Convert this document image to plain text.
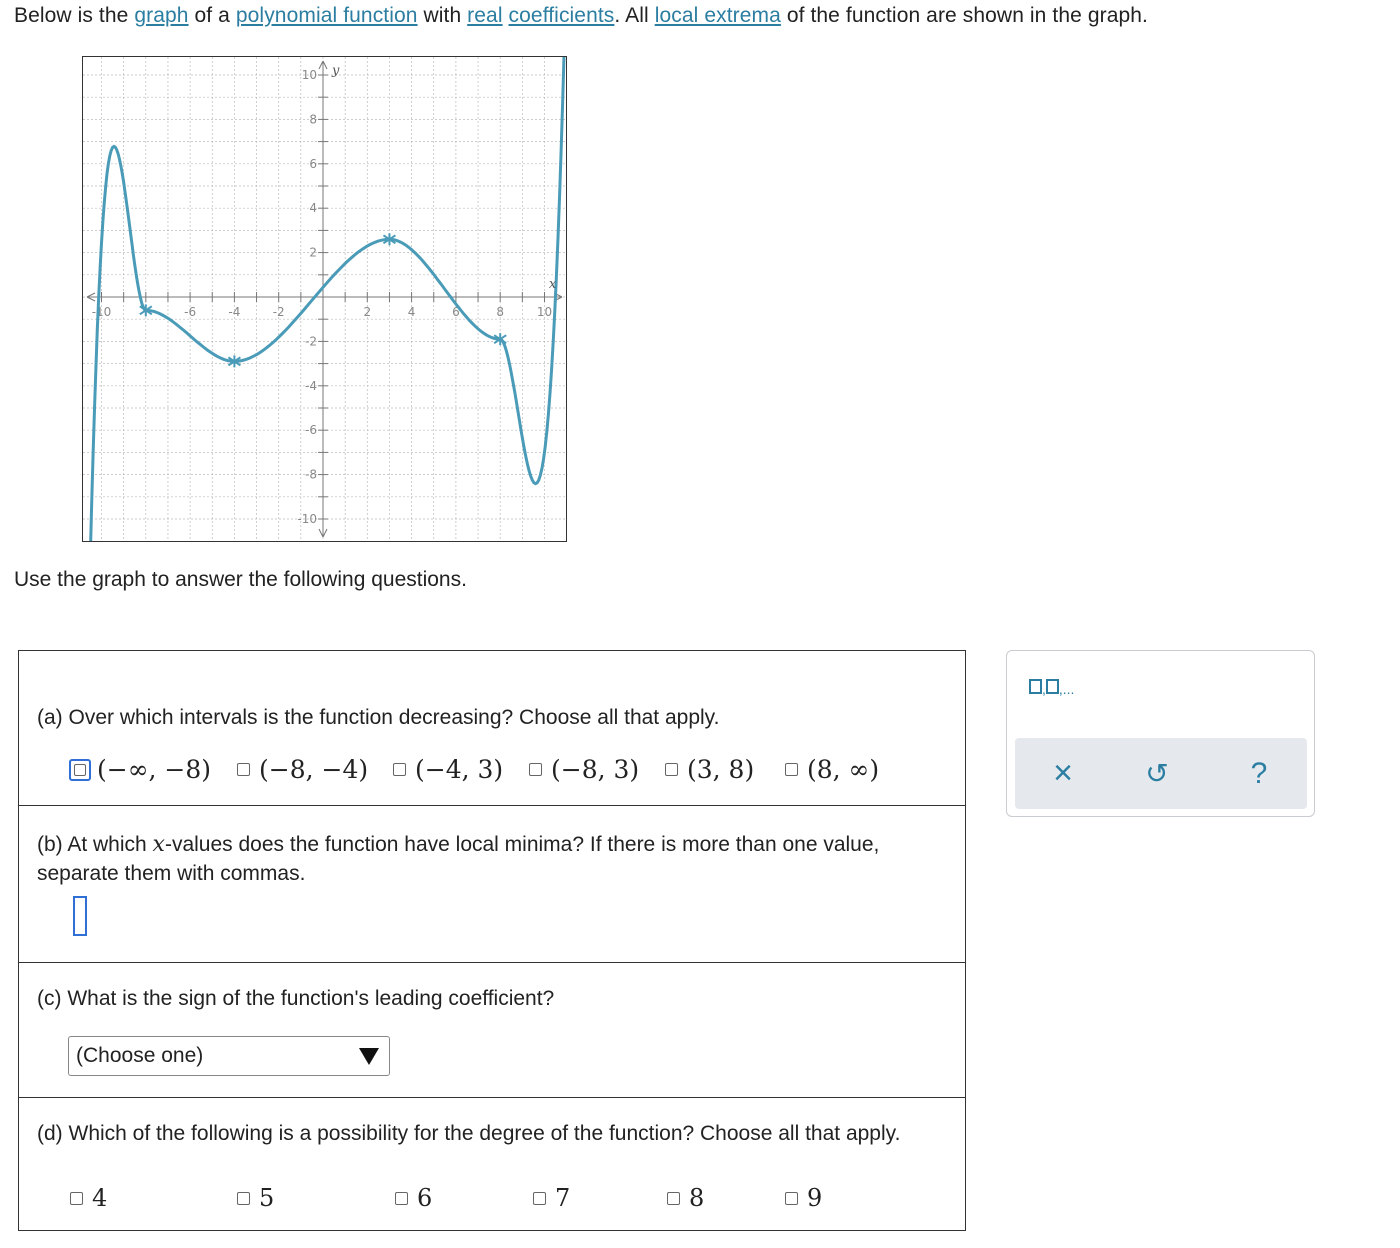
Below is the graph of a polynomial function with real coefficients. All local extrema of the function are shown in the graph.
-10	-6	-4	-2	2	4	6	8	10
10
8
6
4
2
-2
-4
-6
-8
-10
x
y
Use the graph to answer the following questions.
(a) Over which intervals is the function decreasing? Choose all that apply.
(−∞, −8) (−8, −4) (−4, 3) (−8, 3) (3, 8) (8, ∞)
(b) At which x-values does the function have local minima? If there is more than one value, separate them with commas.
(c) What is the sign of the function's leading coefficient?
(Choose one)
(d) Which of the following is a possibility for the degree of the function? Choose all that apply.
4	5	6	7	8	9
, ,...
×	↺	?
